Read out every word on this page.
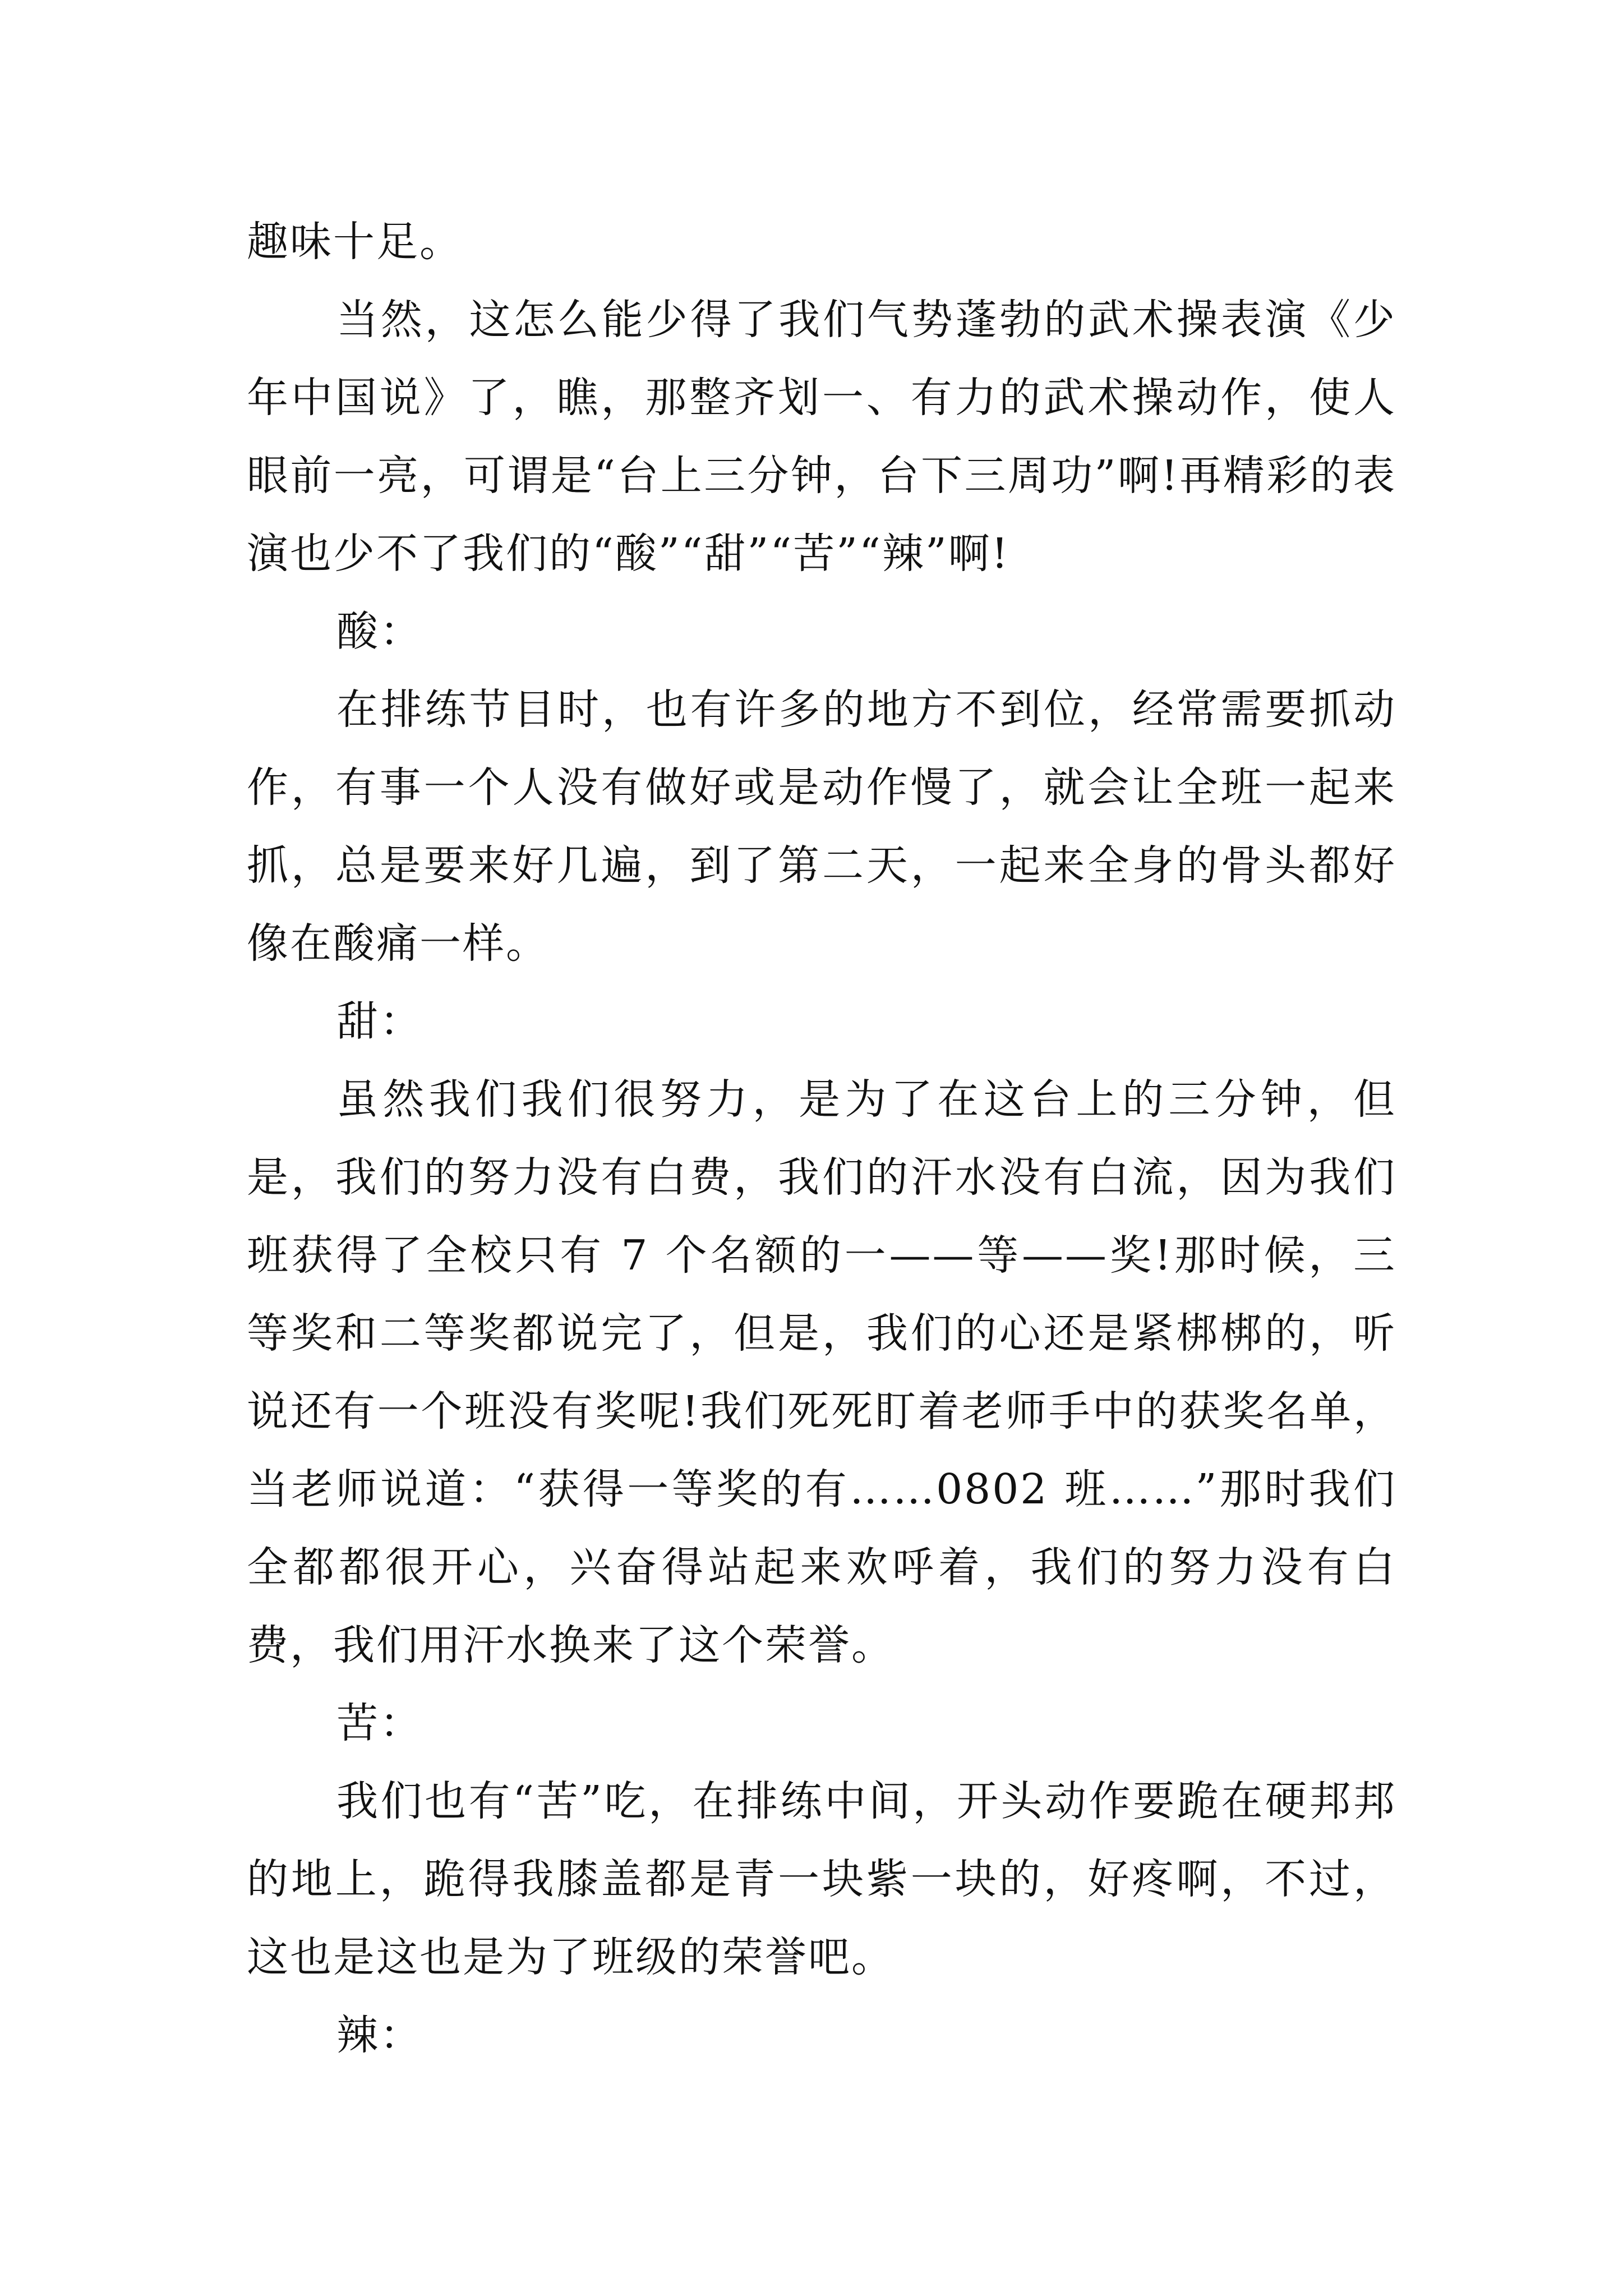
趣味十足。

当然，这怎么能少得了我们气势蓬勃的武术操表演《少年中国说》了，瞧，那整齐划一、有力的武术操动作，使人眼前一亮，可谓是“台上三分钟，台下三周功”啊!再精彩的表演也少不了我们的“酸”“甜”“苦”“辣”啊!

酸：

在排练节目时，也有许多的地方不到位，经常需要抓动作，有事一个人没有做好或是动作慢了，就会让全班一起来抓，总是要来好几遍，到了第二天，一起来全身的骨头都好像在酸痛一样。

甜：

虽然我们我们很努力，是为了在这台上的三分钟，但是，我们的努力没有白费，我们的汗水没有白流，因为我们班获得了全校只有 7 个名额的一——等——奖!那时候，三等奖和二等奖都说完了，但是，我们的心还是紧梆梆的，听说还有一个班没有奖呢!我们死死盯着老师手中的获奖名单，当老师说道：“获得一等奖的有……0802 班……”那时我们全都都很开心，兴奋得站起来欢呼着，我们的努力没有白费，我们用汗水换来了这个荣誉。

苦：

我们也有“苦”吃，在排练中间，开头动作要跪在硬邦邦的地上，跪得我膝盖都是青一块紫一块的，好疼啊，不过，这也是这也是为了班级的荣誉吧。

辣：
